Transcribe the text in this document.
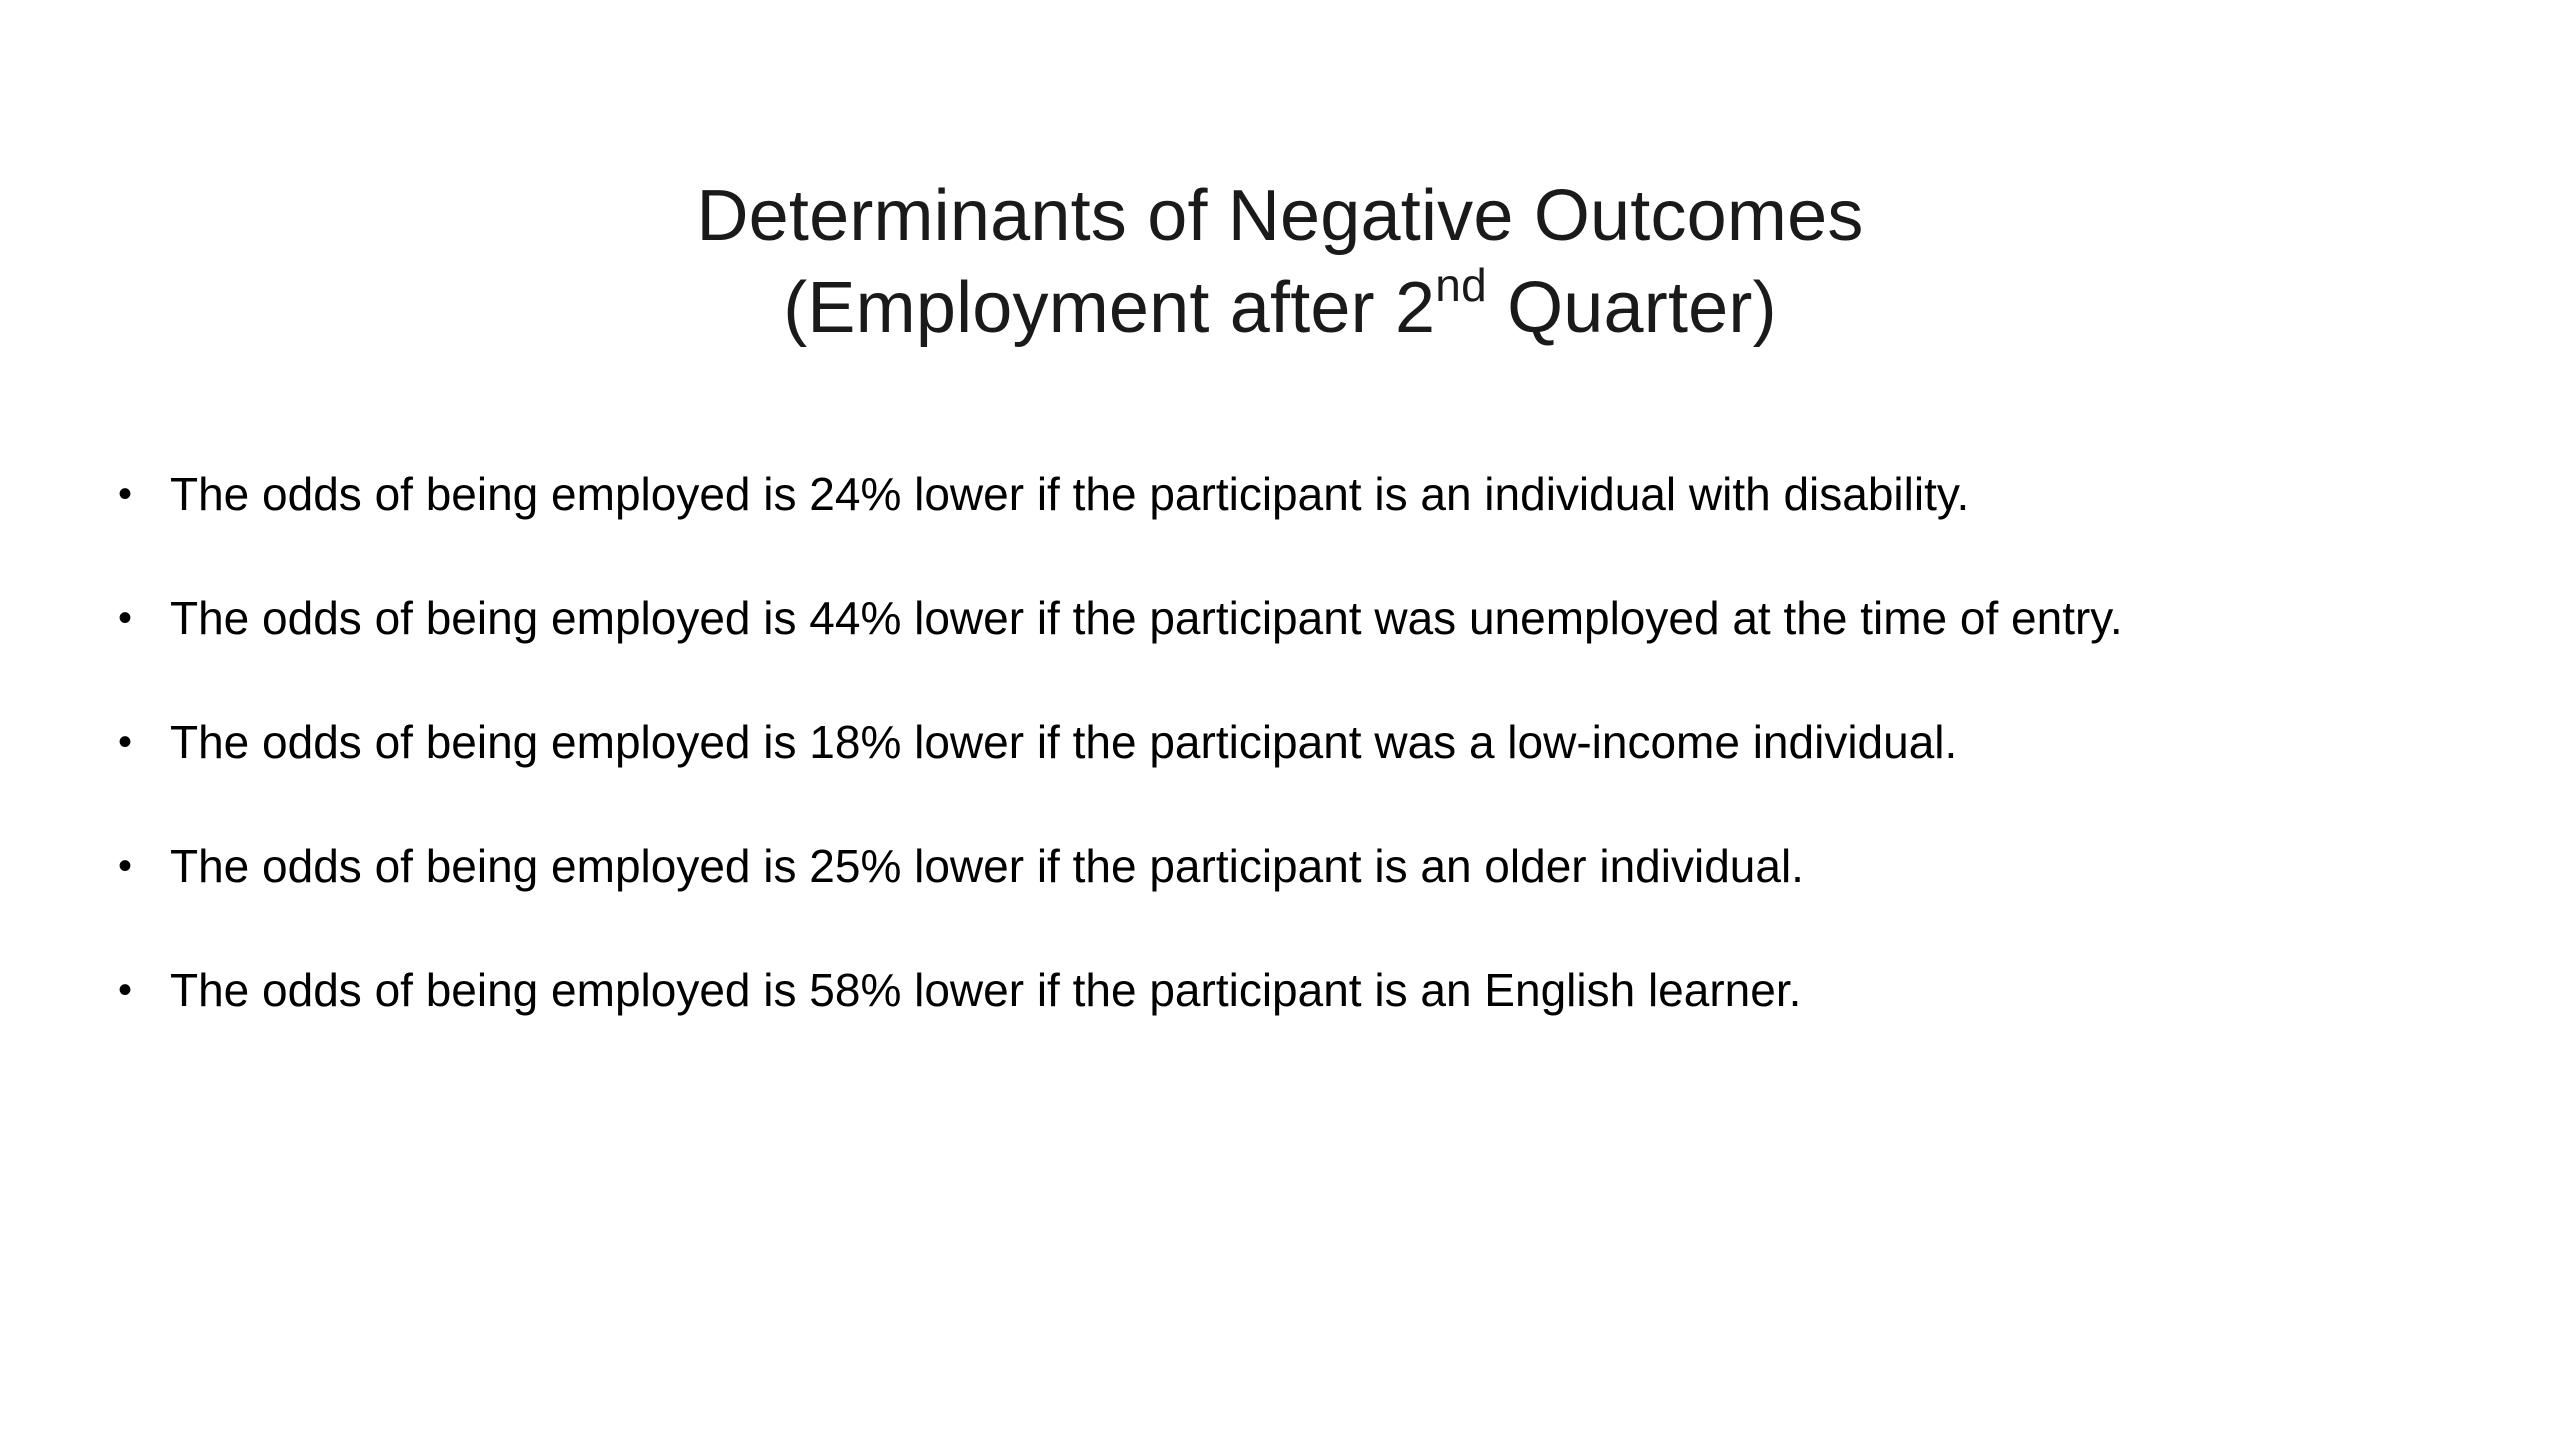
Determinants of Negative Outcomes
(Employment after 2nd Quarter)
• The odds of being employed is 24% lower if the participant is an individual with disability.
• The odds of being employed is 44% lower if the participant was unemployed at the time of entry.
• The odds of being employed is 18% lower if the participant was a low-income individual.
• The odds of being employed is 25% lower if the participant is an older individual.
• The odds of being employed is 58% lower if the participant is an English learner.
